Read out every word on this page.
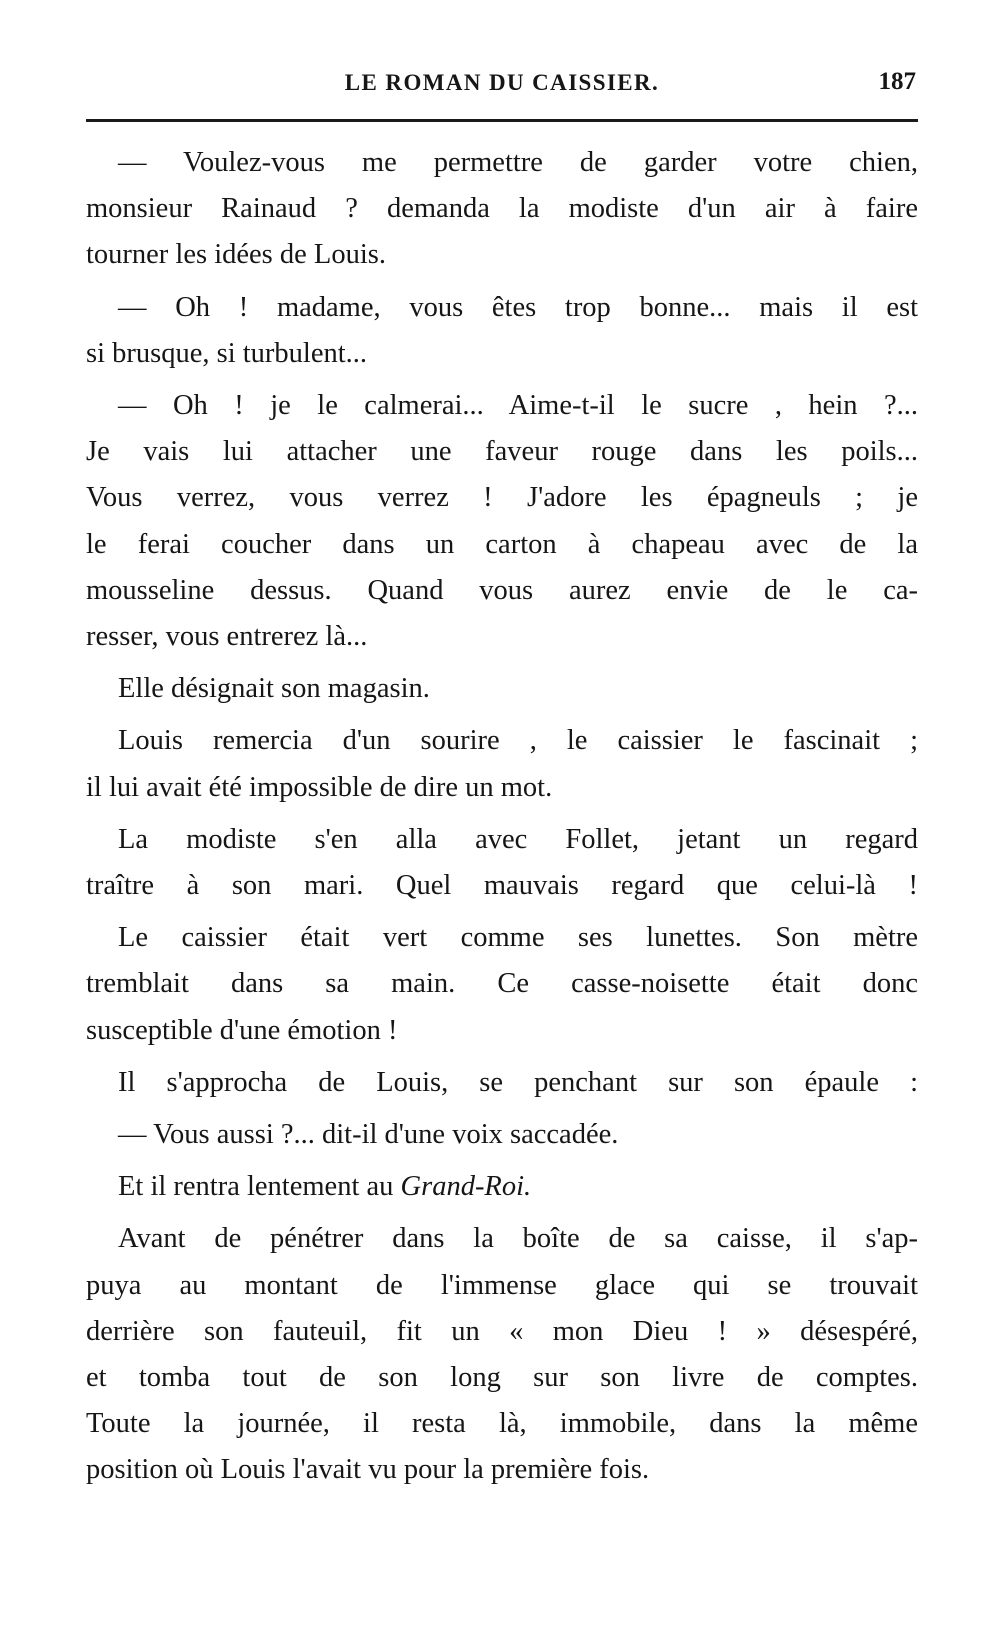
LE ROMAN DU CAISSIER.	187

— Voulez-vous me permettre de garder votre chien,
monsieur Rainaud ? demanda la modiste d'un air à faire
tourner les idées de Louis.

— Oh ! madame, vous êtes trop bonne... mais il est
si brusque, si turbulent...

— Oh ! je le calmerai... Aime-t-il le sucre , hein ?...
Je vais lui attacher une faveur rouge dans les poils...
Vous verrez, vous verrez ! J'adore les épagneuls ; je
le ferai coucher dans un carton à chapeau avec de la
mousseline dessus. Quand vous aurez envie de le ca-
resser, vous entrerez là...

Elle désignait son magasin.

Louis remercia d'un sourire , le caissier le fascinait ;
il lui avait été impossible de dire un mot.

La modiste s'en alla avec Follet, jetant un regard
traître à son mari. Quel mauvais regard que celui-là !

Le caissier était vert comme ses lunettes. Son mètre
tremblait dans sa main. Ce casse-noisette était donc
susceptible d'une émotion !

Il s'approcha de Louis, se penchant sur son épaule :

— Vous aussi ?... dit-il d'une voix saccadée.

Et il rentra lentement au Grand-Roi.

Avant de pénétrer dans la boîte de sa caisse, il s'ap-
puya au montant de l'immense glace qui se trouvait
derrière son fauteuil, fit un « mon Dieu ! » désespéré,
et tomba tout de son long sur son livre de comptes.
Toute la journée, il resta là, immobile, dans la même
position où Louis l'avait vu pour la première fois.
